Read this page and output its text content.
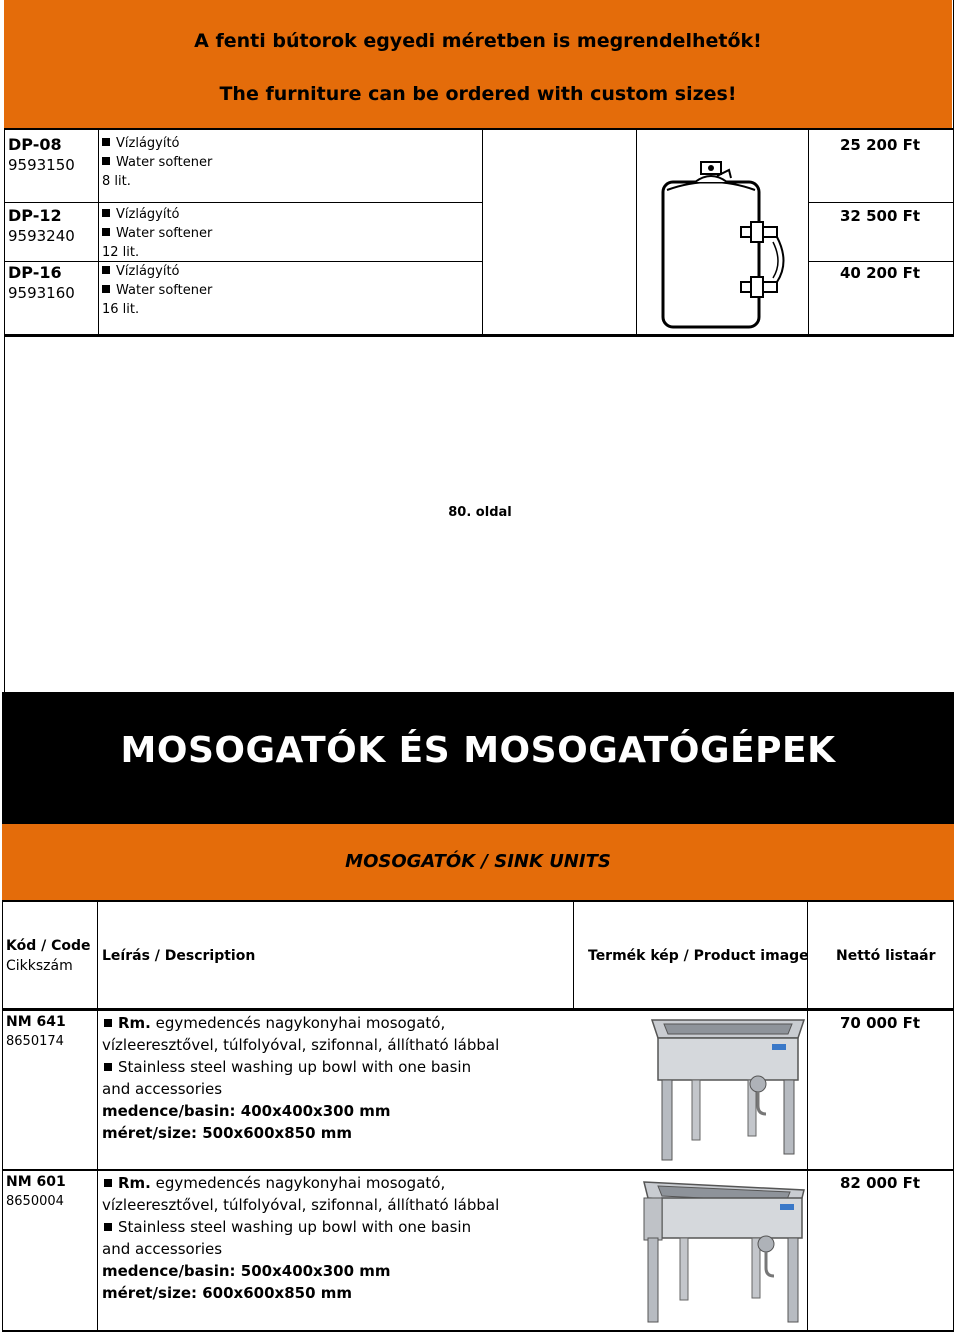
A fenti bútorok egyedi méretben is megrendelhetők!
The furniture can be ordered with custom sizes!
DP-08
9593150
Vízlágyító
Water softener
8 lit.
25 200 Ft
DP-12
9593240
Vízlágyító
Water softener
12 lit.
32 500 Ft
DP-16
9593160
Vízlágyító
Water softener
16 lit.
40 200 Ft
80. oldal
MOSOGATÓK ÉS MOSOGATÓGÉPEK
MOSOGATÓK / SINK UNITS
Kód / Code
Cikkszám
Leírás / Description	Termék kép / Product image Nettó listaár
NM 641
8650174
Rm. egymedencés nagykonyhai mosogató,
vízleeresztővel, túlfolyóval, szifonnal, állítható lábbal
Stainless steel washing up bowl with one basin
and accessories
medence/basin: 400x400x300 mm
méret/size: 500x600x850 mm
70 000 Ft
NM 601
8650004
Rm. egymedencés nagykonyhai mosogató,
vízleeresztővel, túlfolyóval, szifonnal, állítható lábbal
Stainless steel washing up bowl with one basin
and accessories
medence/basin: 500x400x300 mm
méret/size: 600x600x850 mm
82 000 Ft
